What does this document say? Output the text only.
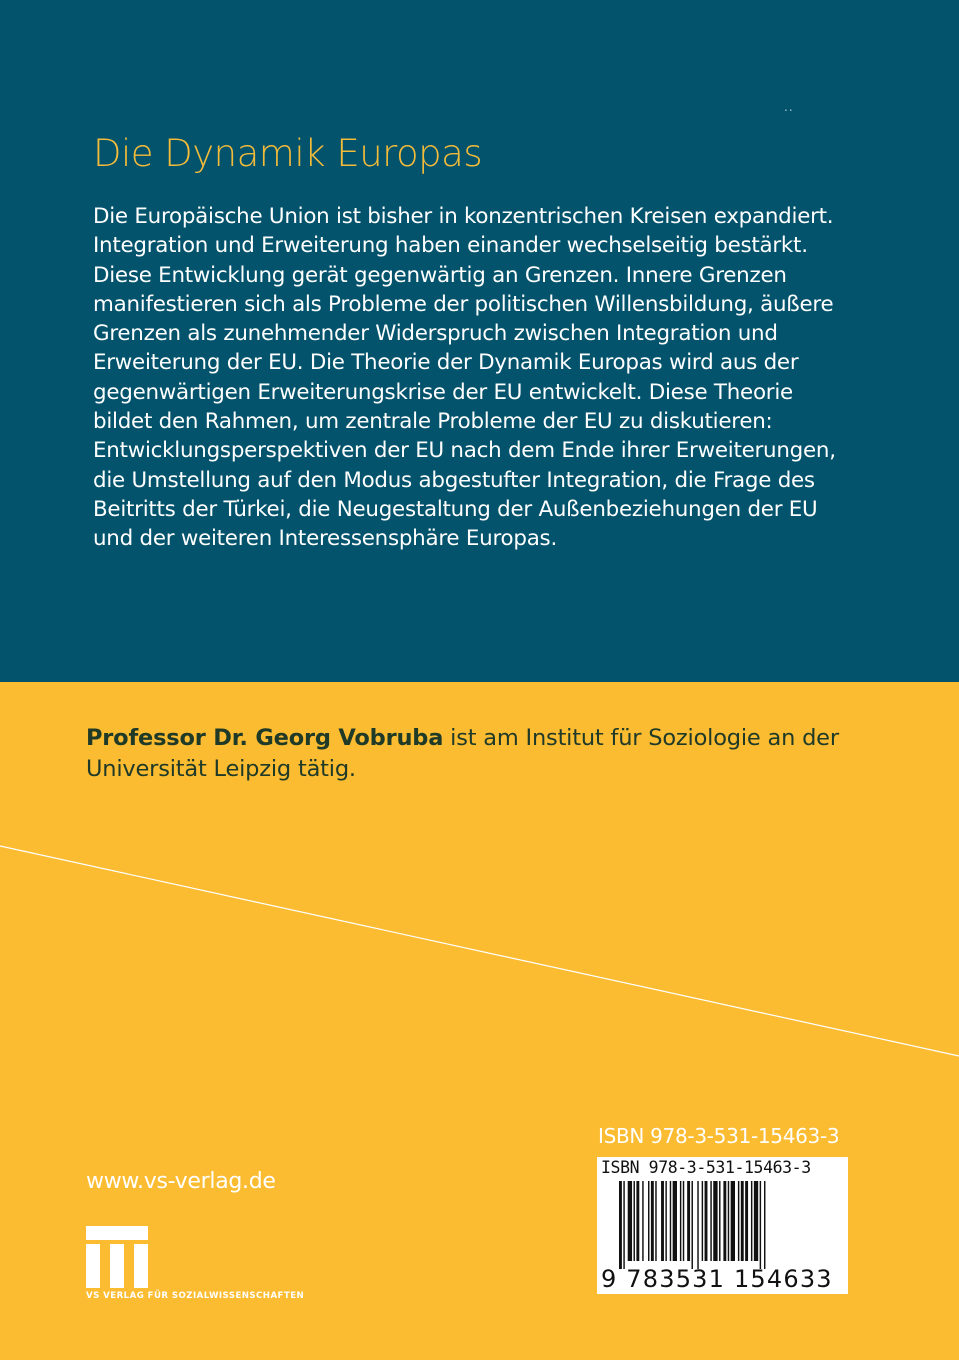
..
Die Dynamik Europas
Die Europäische Union ist bisher in konzentrischen Kreisen expandiert.
Integration und Erweiterung haben einander wechselseitig bestärkt.
Diese Entwicklung gerät gegenwärtig an Grenzen. Innere Grenzen
manifestieren sich als Probleme der politischen Willensbildung, äußere
Grenzen als zunehmender Widerspruch zwischen Integration und
Erweiterung der EU. Die Theorie der Dynamik Europas wird aus der
gegenwärtigen Erweiterungskrise der EU entwickelt. Diese Theorie
bildet den Rahmen, um zentrale Probleme der EU zu diskutieren:
Entwicklungsperspektiven der EU nach dem Ende ihrer Erweiterungen,
die Umstellung auf den Modus abgestufter Integration, die Frage des
Beitritts der Türkei, die Neugestaltung der Außenbeziehungen der EU
und der weiteren Interessensphäre Europas.
Professor Dr. Georg Vobruba ist am Institut für Soziologie an der
Universität Leipzig tätig.
ISBN 978-3-531-15463-3
ISBN 978-3-531-15463-3
9 783531 154633
www.vs-verlag.de
VS VERLAG FÜR SOZIALWISSENSCHAFTEN
